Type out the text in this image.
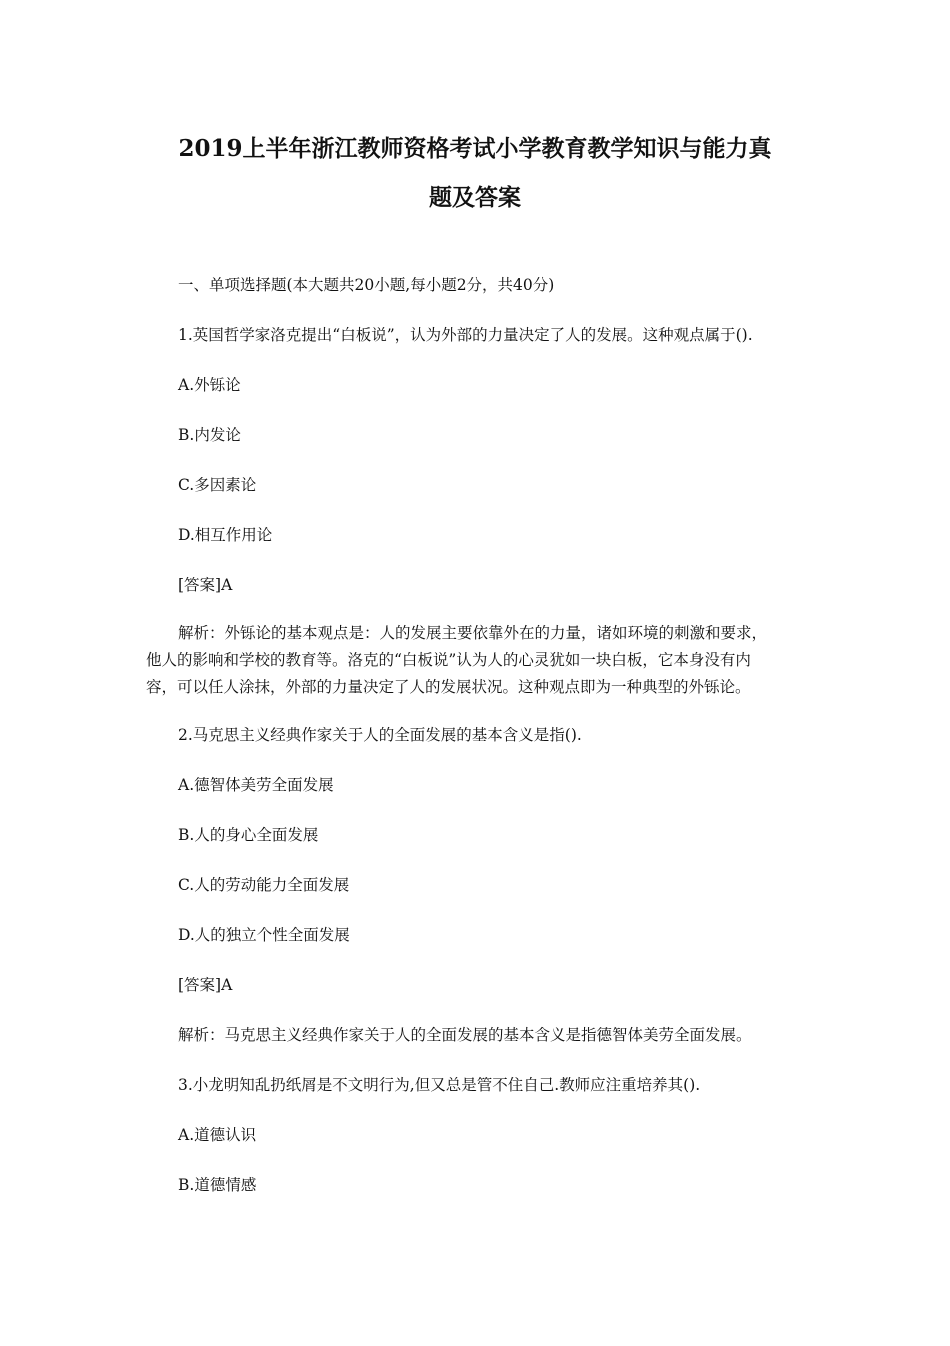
2019上半年浙江教师资格考试小学教育教学知识与能力真
题及答案
一、单项选择题(本大题共20小题,每小题2分，共40分)
1.英国哲学家洛克提出“白板说”，认为外部的力量决定了人的发展。这种观点属于().
A.外铄论
B.内发论
C.多因素论
D.相互作用论
[答案]A
解析：外铄论的基本观点是：人的发展主要依靠外在的力量，诸如环境的刺激和要求，
他人的影响和学校的教育等。洛克的“白板说”认为人的心灵犹如一块白板，它本身没有内
容，可以任人涂抹，外部的力量决定了人的发展状况。这种观点即为一种典型的外铄论。
2.马克思主义经典作家关于人的全面发展的基本含义是指().
A.德智体美劳全面发展
B.人的身心全面发展
C.人的劳动能力全面发展
D.人的独立个性全面发展
[答案]A
解析：马克思主义经典作家关于人的全面发展的基本含义是指德智体美劳全面发展。
3.小龙明知乱扔纸屑是不文明行为,但又总是管不住自己.教师应注重培养其().
A.道德认识
B.道德情感
